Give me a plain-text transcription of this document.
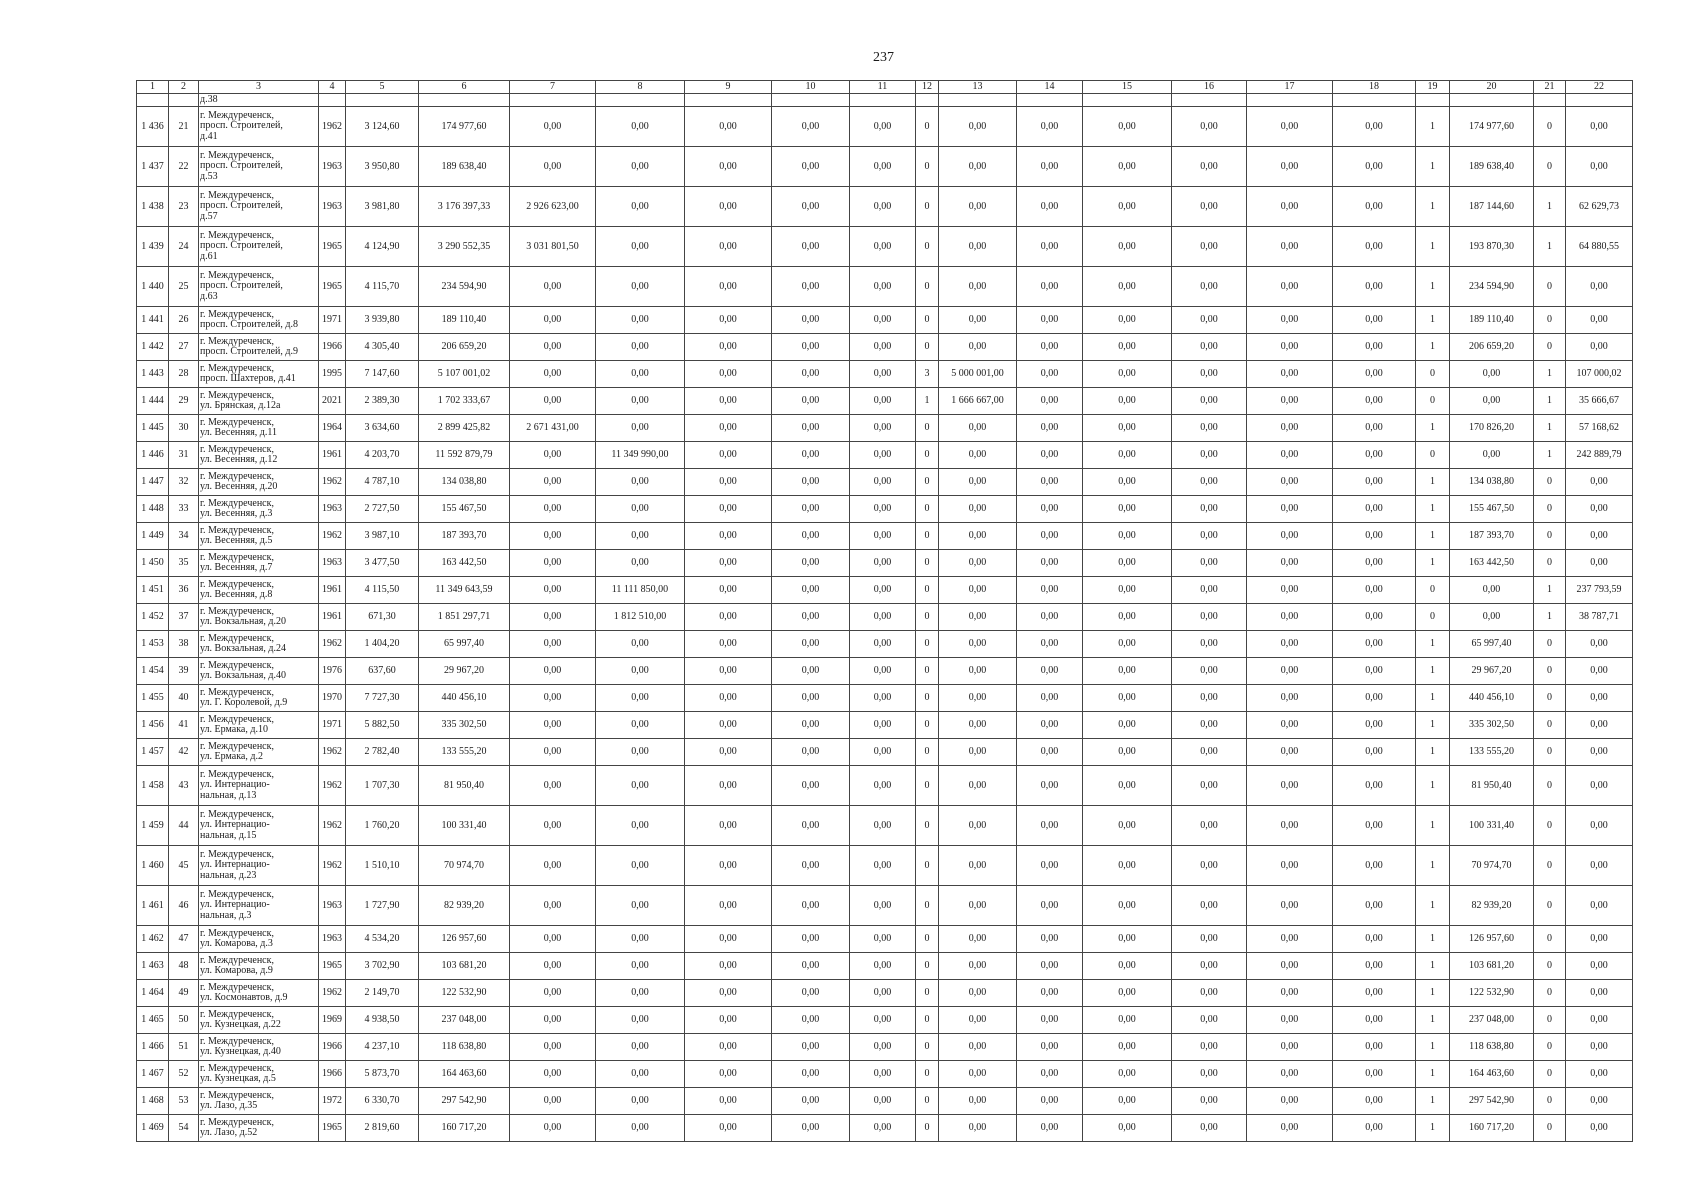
237
1	2	3	4	5	6	7	8	9	10	11	12	13	14	15	16	17	18	19	20	21	22
		д.38																			
1 436	21	г. Междуреченск,
просп. Строителей,
д.41	1962	3 124,60	174 977,60	0,00	0,00	0,00	0,00	0,00	0	0,00	0,00	0,00	0,00	0,00	0,00	1	174 977,60	0	0,00
1 437	22	г. Междуреченск,
просп. Строителей,
д.53	1963	3 950,80	189 638,40	0,00	0,00	0,00	0,00	0,00	0	0,00	0,00	0,00	0,00	0,00	0,00	1	189 638,40	0	0,00
1 438	23	г. Междуреченск,
просп. Строителей,
д.57	1963	3 981,80	3 176 397,33	2 926 623,00	0,00	0,00	0,00	0,00	0	0,00	0,00	0,00	0,00	0,00	0,00	1	187 144,60	1	62 629,73
1 439	24	г. Междуреченск,
просп. Строителей,
д.61	1965	4 124,90	3 290 552,35	3 031 801,50	0,00	0,00	0,00	0,00	0	0,00	0,00	0,00	0,00	0,00	0,00	1	193 870,30	1	64 880,55
1 440	25	г. Междуреченск,
просп. Строителей,
д.63	1965	4 115,70	234 594,90	0,00	0,00	0,00	0,00	0,00	0	0,00	0,00	0,00	0,00	0,00	0,00	1	234 594,90	0	0,00
1 441	26	г. Междуреченск,
просп. Строителей, д.8	1971	3 939,80	189 110,40	0,00	0,00	0,00	0,00	0,00	0	0,00	0,00	0,00	0,00	0,00	0,00	1	189 110,40	0	0,00
1 442	27	г. Междуреченск,
просп. Строителей, д.9	1966	4 305,40	206 659,20	0,00	0,00	0,00	0,00	0,00	0	0,00	0,00	0,00	0,00	0,00	0,00	1	206 659,20	0	0,00
1 443	28	г. Междуреченск,
просп. Шахтеров, д.41	1995	7 147,60	5 107 001,02	0,00	0,00	0,00	0,00	0,00	3	5 000 001,00	0,00	0,00	0,00	0,00	0,00	0	0,00	1	107 000,02
1 444	29	г. Междуреченск,
ул. Брянская, д.12а	2021	2 389,30	1 702 333,67	0,00	0,00	0,00	0,00	0,00	1	1 666 667,00	0,00	0,00	0,00	0,00	0,00	0	0,00	1	35 666,67
1 445	30	г. Междуреченск,
ул. Весенняя, д.11	1964	3 634,60	2 899 425,82	2 671 431,00	0,00	0,00	0,00	0,00	0	0,00	0,00	0,00	0,00	0,00	0,00	1	170 826,20	1	57 168,62
1 446	31	г. Междуреченск,
ул. Весенняя, д.12	1961	4 203,70	11 592 879,79	0,00	11 349 990,00	0,00	0,00	0,00	0	0,00	0,00	0,00	0,00	0,00	0,00	0	0,00	1	242 889,79
1 447	32	г. Междуреченск,
ул. Весенняя, д.20	1962	4 787,10	134 038,80	0,00	0,00	0,00	0,00	0,00	0	0,00	0,00	0,00	0,00	0,00	0,00	1	134 038,80	0	0,00
1 448	33	г. Междуреченск,
ул. Весенняя, д.3	1963	2 727,50	155 467,50	0,00	0,00	0,00	0,00	0,00	0	0,00	0,00	0,00	0,00	0,00	0,00	1	155 467,50	0	0,00
1 449	34	г. Междуреченск,
ул. Весенняя, д.5	1962	3 987,10	187 393,70	0,00	0,00	0,00	0,00	0,00	0	0,00	0,00	0,00	0,00	0,00	0,00	1	187 393,70	0	0,00
1 450	35	г. Междуреченск,
ул. Весенняя, д.7	1963	3 477,50	163 442,50	0,00	0,00	0,00	0,00	0,00	0	0,00	0,00	0,00	0,00	0,00	0,00	1	163 442,50	0	0,00
1 451	36	г. Междуреченск,
ул. Весенняя, д.8	1961	4 115,50	11 349 643,59	0,00	11 111 850,00	0,00	0,00	0,00	0	0,00	0,00	0,00	0,00	0,00	0,00	0	0,00	1	237 793,59
1 452	37	г. Междуреченск,
ул. Вокзальная, д.20	1961	671,30	1 851 297,71	0,00	1 812 510,00	0,00	0,00	0,00	0	0,00	0,00	0,00	0,00	0,00	0,00	0	0,00	1	38 787,71
1 453	38	г. Междуреченск,
ул. Вокзальная, д.24	1962	1 404,20	65 997,40	0,00	0,00	0,00	0,00	0,00	0	0,00	0,00	0,00	0,00	0,00	0,00	1	65 997,40	0	0,00
1 454	39	г. Междуреченск,
ул. Вокзальная, д.40	1976	637,60	29 967,20	0,00	0,00	0,00	0,00	0,00	0	0,00	0,00	0,00	0,00	0,00	0,00	1	29 967,20	0	0,00
1 455	40	г. Междуреченск,
ул. Г. Королевой, д.9	1970	7 727,30	440 456,10	0,00	0,00	0,00	0,00	0,00	0	0,00	0,00	0,00	0,00	0,00	0,00	1	440 456,10	0	0,00
1 456	41	г. Междуреченск,
ул. Ермака, д.10	1971	5 882,50	335 302,50	0,00	0,00	0,00	0,00	0,00	0	0,00	0,00	0,00	0,00	0,00	0,00	1	335 302,50	0	0,00
1 457	42	г. Междуреченск,
ул. Ермака, д.2	1962	2 782,40	133 555,20	0,00	0,00	0,00	0,00	0,00	0	0,00	0,00	0,00	0,00	0,00	0,00	1	133 555,20	0	0,00
1 458	43	г. Междуреченск,
ул. Интернацио-
нальная, д.13	1962	1 707,30	81 950,40	0,00	0,00	0,00	0,00	0,00	0	0,00	0,00	0,00	0,00	0,00	0,00	1	81 950,40	0	0,00
1 459	44	г. Междуреченск,
ул. Интернацио-
нальная, д.15	1962	1 760,20	100 331,40	0,00	0,00	0,00	0,00	0,00	0	0,00	0,00	0,00	0,00	0,00	0,00	1	100 331,40	0	0,00
1 460	45	г. Междуреченск,
ул. Интернацио-
нальная, д.23	1962	1 510,10	70 974,70	0,00	0,00	0,00	0,00	0,00	0	0,00	0,00	0,00	0,00	0,00	0,00	1	70 974,70	0	0,00
1 461	46	г. Междуреченск,
ул. Интернацио-
нальная, д.3	1963	1 727,90	82 939,20	0,00	0,00	0,00	0,00	0,00	0	0,00	0,00	0,00	0,00	0,00	0,00	1	82 939,20	0	0,00
1 462	47	г. Междуреченск,
ул. Комарова, д.3	1963	4 534,20	126 957,60	0,00	0,00	0,00	0,00	0,00	0	0,00	0,00	0,00	0,00	0,00	0,00	1	126 957,60	0	0,00
1 463	48	г. Междуреченск,
ул. Комарова, д.9	1965	3 702,90	103 681,20	0,00	0,00	0,00	0,00	0,00	0	0,00	0,00	0,00	0,00	0,00	0,00	1	103 681,20	0	0,00
1 464	49	г. Междуреченск,
ул. Космонавтов, д.9	1962	2 149,70	122 532,90	0,00	0,00	0,00	0,00	0,00	0	0,00	0,00	0,00	0,00	0,00	0,00	1	122 532,90	0	0,00
1 465	50	г. Междуреченск,
ул. Кузнецкая, д.22	1969	4 938,50	237 048,00	0,00	0,00	0,00	0,00	0,00	0	0,00	0,00	0,00	0,00	0,00	0,00	1	237 048,00	0	0,00
1 466	51	г. Междуреченск,
ул. Кузнецкая, д.40	1966	4 237,10	118 638,80	0,00	0,00	0,00	0,00	0,00	0	0,00	0,00	0,00	0,00	0,00	0,00	1	118 638,80	0	0,00
1 467	52	г. Междуреченск,
ул. Кузнецкая, д.5	1966	5 873,70	164 463,60	0,00	0,00	0,00	0,00	0,00	0	0,00	0,00	0,00	0,00	0,00	0,00	1	164 463,60	0	0,00
1 468	53	г. Междуреченск,
ул. Лазо, д.35	1972	6 330,70	297 542,90	0,00	0,00	0,00	0,00	0,00	0	0,00	0,00	0,00	0,00	0,00	0,00	1	297 542,90	0	0,00
1 469	54	г. Междуреченск,
ул. Лазо, д.52	1965	2 819,60	160 717,20	0,00	0,00	0,00	0,00	0,00	0	0,00	0,00	0,00	0,00	0,00	0,00	1	160 717,20	0	0,00
